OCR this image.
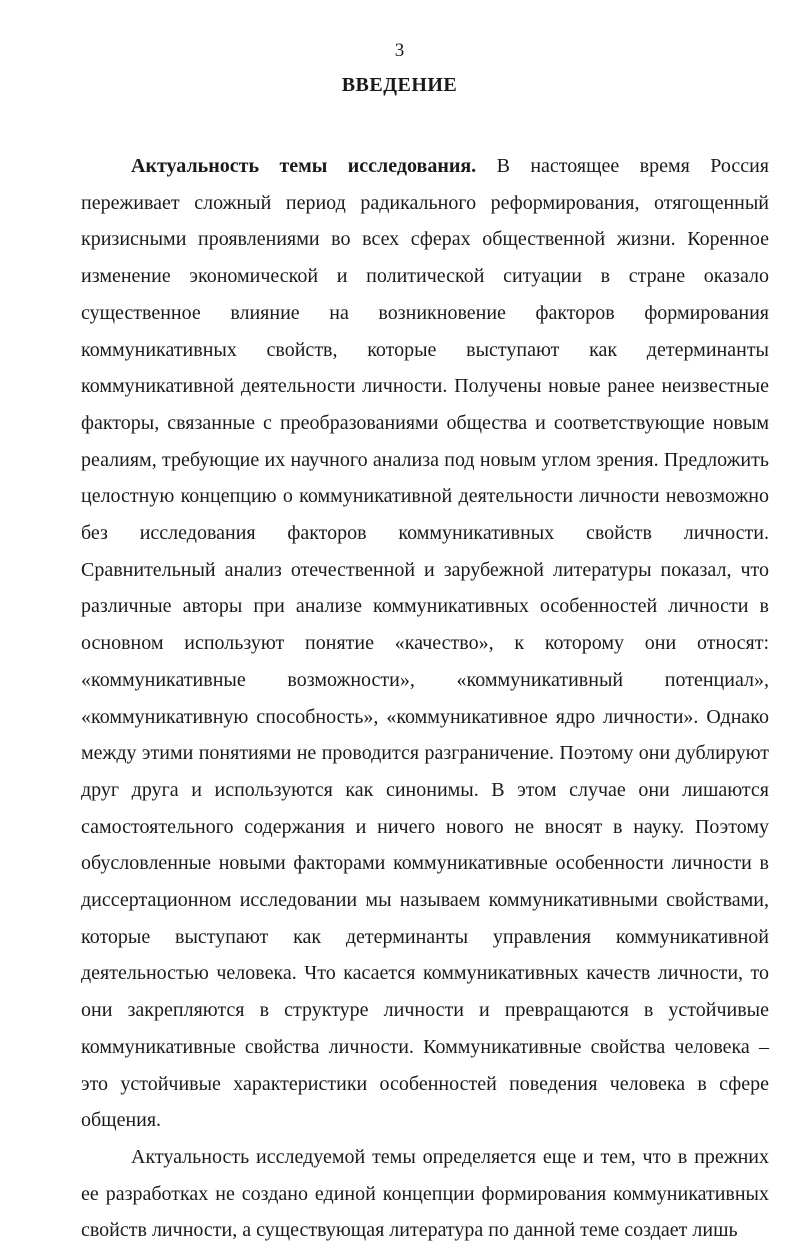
3
ВВЕДЕНИЕ

Актуальность темы исследования. В настоящее время Россия переживает сложный период радикального реформирования, отягощенный кризисными проявлениями во всех сферах общественной жизни. Коренное изменение экономической и политической ситуации в стране оказало существенное влияние на возникновение факторов формирования коммуникативных свойств, которые выступают как детерминанты коммуникативной деятельности личности. Получены новые ранее неизвестные факторы, связанные с преобразованиями общества и соответствующие новым реалиям, требующие их научного анализа под новым углом зрения. Предложить целостную концепцию о коммуникативной деятельности личности невозможно без исследования факторов коммуникативных свойств личности. Сравнительный анализ отечественной и зарубежной литературы показал, что различные авторы при анализе коммуникативных особенностей личности в основном используют понятие «качество», к которому они относят: «коммуникативные возможности», «коммуникативный потенциал», «коммуникативную способность», «коммуникативное ядро личности». Однако между этими понятиями не проводится разграничение. Поэтому они дублируют друг друга и используются как синонимы. В этом случае они лишаются самостоятельного содержания и ничего нового не вносят в науку. Поэтому обусловленные новыми факторами коммуникативные особенности личности в диссертационном исследовании мы называем коммуникативными свойствами, которые выступают как детерминанты управления коммуникативной деятельностью человека. Что касается коммуникативных качеств личности, то они закрепляются в структуре личности и превращаются в устойчивые коммуникативные свойства личности. Коммуникативные свойства человека – это устойчивые характеристики особенностей поведения человека в сфере общения.

Актуальность исследуемой темы определяется еще и тем, что в прежних ее разработках не создано единой концепции формирования коммуникативных свойств личности, а существующая литература по данной теме создает лишь
